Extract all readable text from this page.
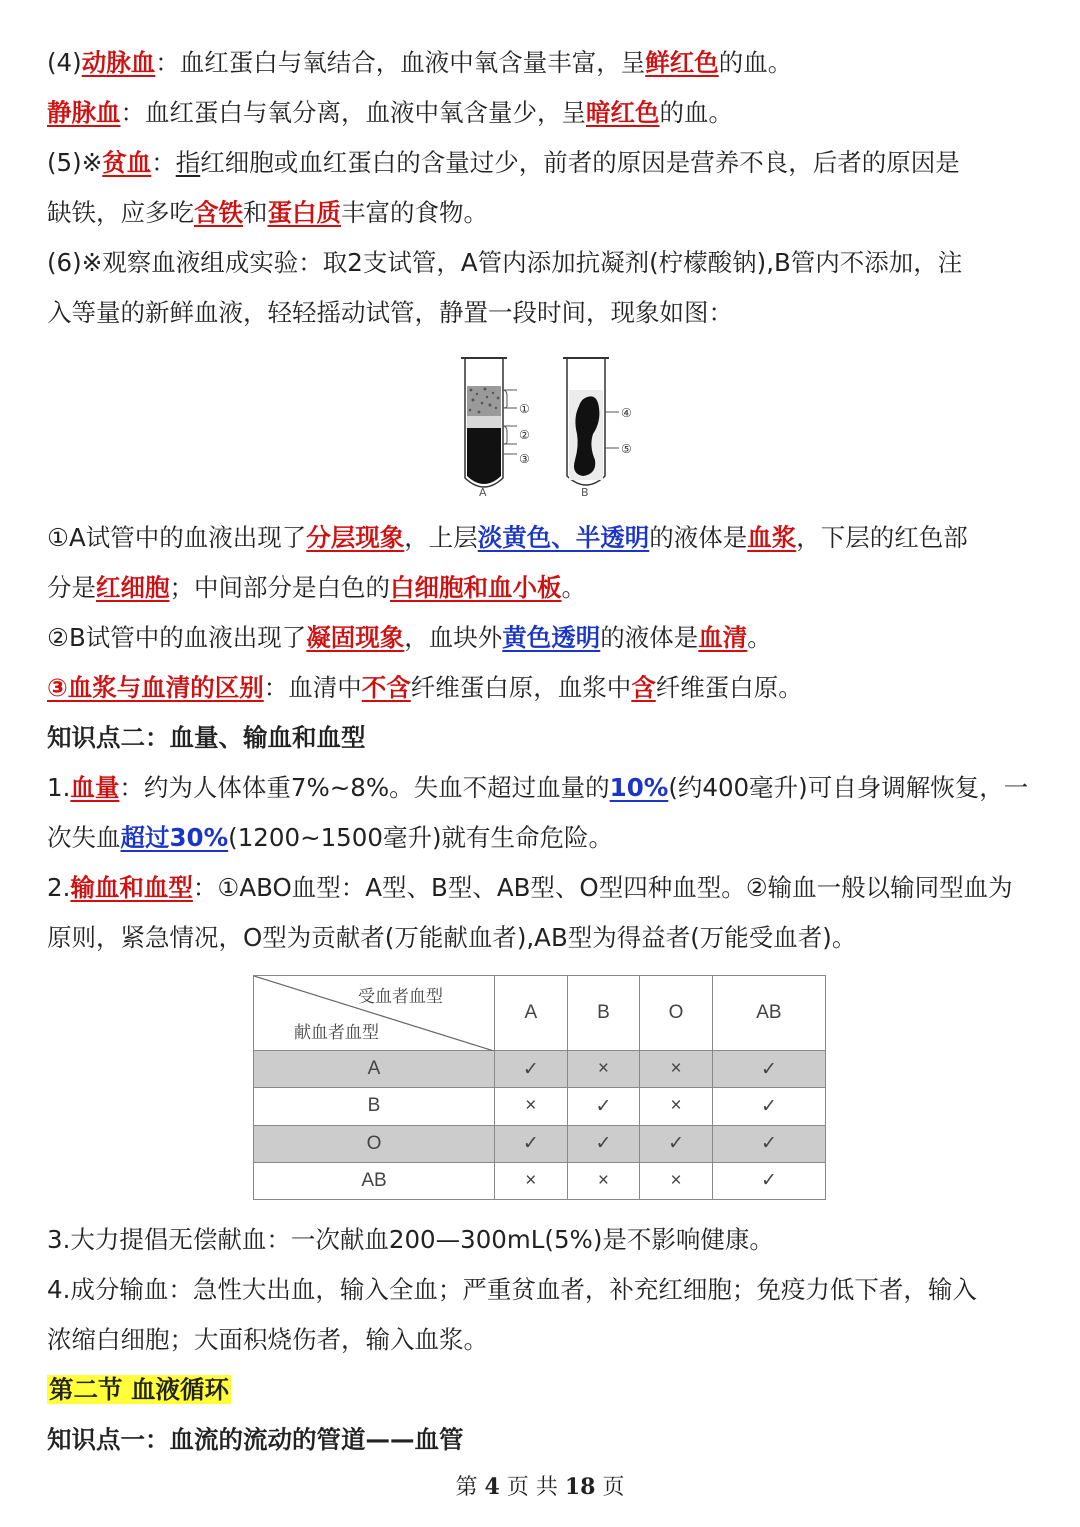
(4)动脉血：血红蛋白与氧结合，血液中氧含量丰富，呈鲜红色的血。
静脉血：血红蛋白与氧分离，血液中氧含量少，呈暗红色的血。
(5)※贫血：指红细胞或血红蛋白的含量过少，前者的原因是营养不良，后者的原因是
缺铁，应多吃含铁和蛋白质丰富的食物。
(6)※观察血液组成实验：取2支试管，A管内添加抗凝剂(柠檬酸钠),B管内不添加，注
入等量的新鲜血液，轻轻摇动试管，静置一段时间，现象如图：
①
②
③
A
④
⑤
B
①A试管中的血液出现了分层现象，上层淡黄色、半透明的液体是血浆，下层的红色部
分是红细胞；中间部分是白色的白细胞和血小板。
②B试管中的血液出现了凝固现象，血块外黄色透明的液体是血清。
③血浆与血清的区别：血清中不含纤维蛋白原，血浆中含纤维蛋白原。
知识点二：血量、输血和血型
1.血量：约为人体体重7%~8%。失血不超过血量的10%(约400毫升)可自身调解恢复，一
次失血超过30%(1200~1500毫升)就有生命危险。
2.输血和血型：①ABO血型：A型、B型、AB型、O型四种血型。②输血一般以输同型血为
原则，紧急情况，O型为贡献者(万能献血者),AB型为得益者(万能受血者)。
受血者血型
献血者血型	A	B	O	AB
A	✓	×	×	✓
B	×	✓	×	✓
O	✓	✓	✓	✓
AB	×	×	×	✓
3.大力提倡无偿献血：一次献血200—300mL(5%)是不影响健康。
4.成分输血：急性大出血，输入全血；严重贫血者，补充红细胞；免疫力低下者，输入
浓缩白细胞；大面积烧伤者，输入血浆。
第二节 血液循环
知识点一：血流的流动的管道——血管
第 4 页 共 18 页
